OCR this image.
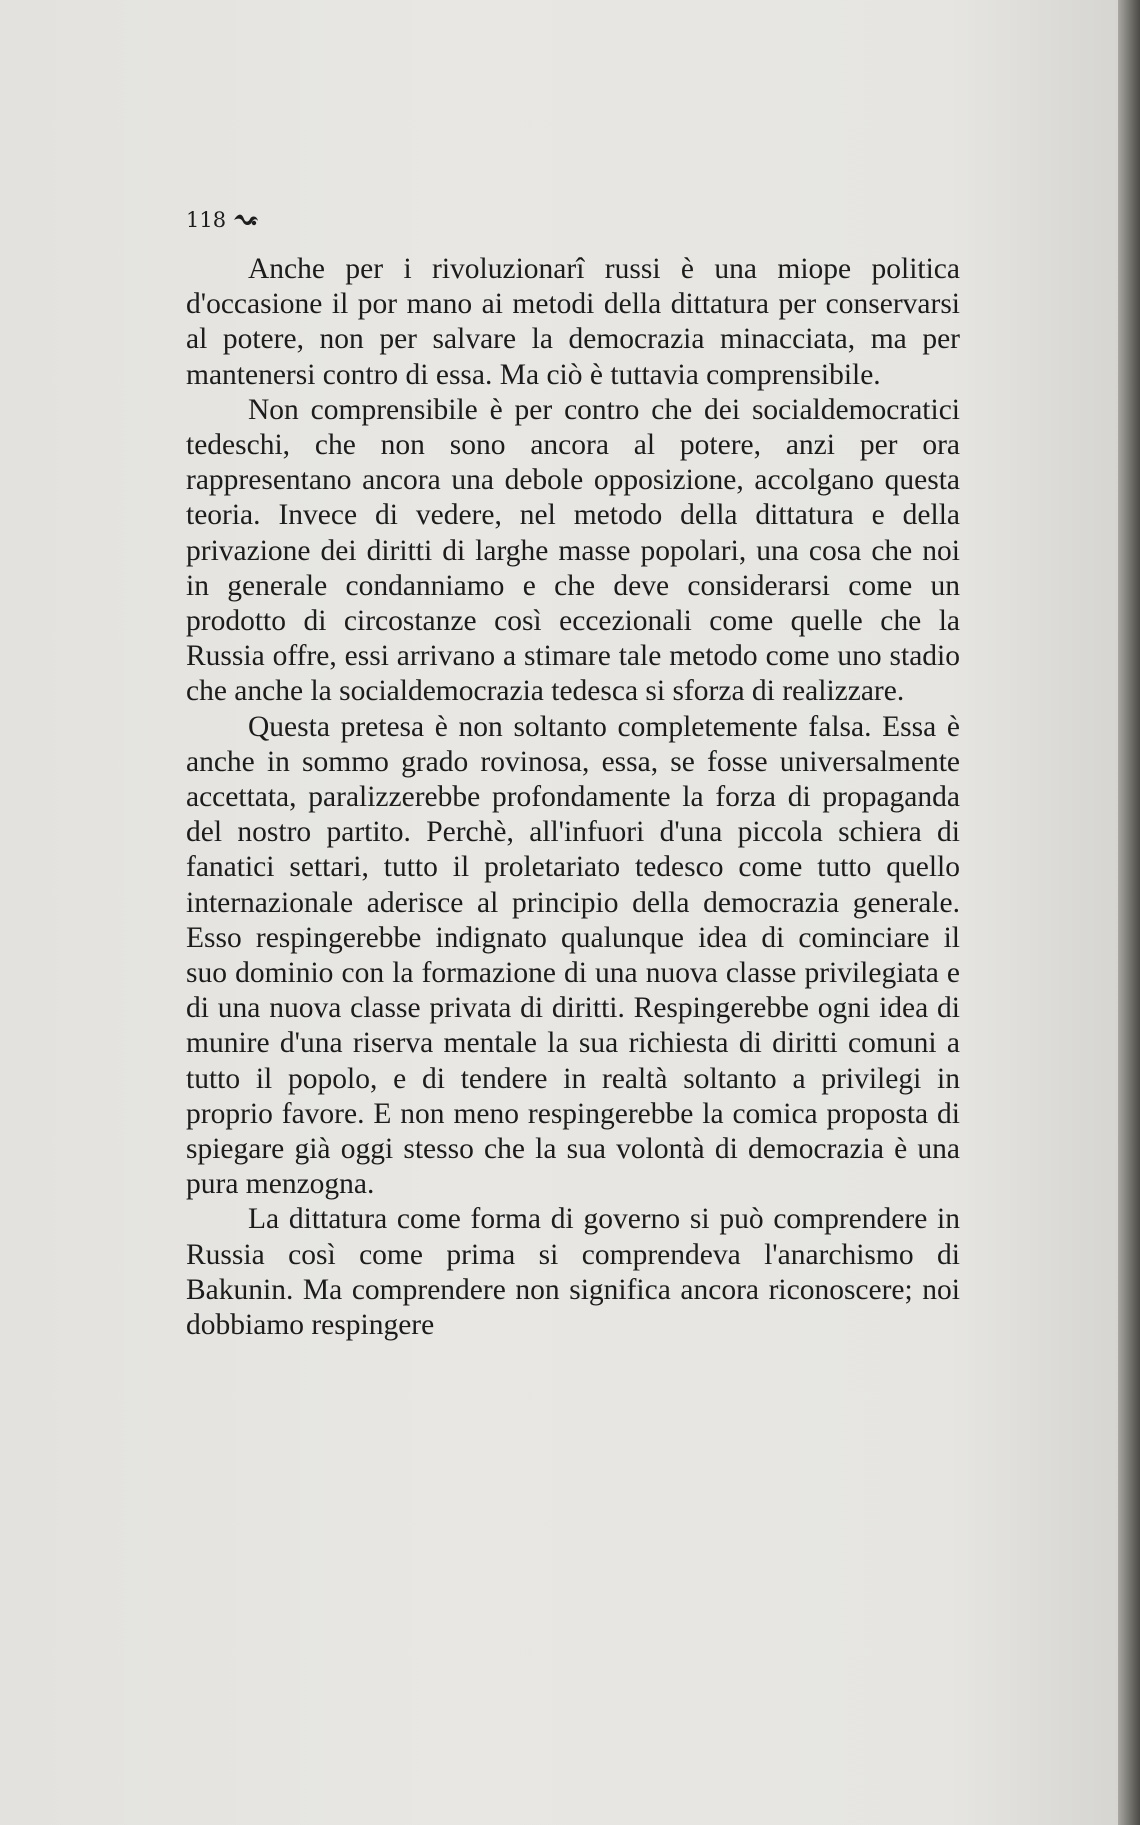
118

Anche per i rivoluzionarî russi è una miope politica d'occasione il por mano ai metodi della dittatura per conservarsi al potere, non per salvare la democrazia minacciata, ma per mantenersi contro di essa. Ma ciò è tuttavia comprensibile.

Non comprensibile è per contro che dei socialdemocratici tedeschi, che non sono ancora al potere, anzi per ora rappresentano ancora una debole opposizione, accolgano questa teoria. Invece di vedere, nel metodo della dittatura e della privazione dei diritti di larghe masse popolari, una cosa che noi in generale condanniamo e che deve considerarsi come un prodotto di circostanze così eccezionali come quelle che la Russia offre, essi arrivano a stimare tale metodo come uno stadio che anche la socialdemocrazia tedesca si sforza di realizzare.

Questa pretesa è non soltanto completemente falsa. Essa è anche in sommo grado rovinosa, essa, se fosse universalmente accettata, paralizzerebbe profondamente la forza di propaganda del nostro partito. Perchè, all'infuori d'una piccola schiera di fanatici settari, tutto il proletariato tedesco come tutto quello internazionale aderisce al principio della democrazia generale. Esso respingerebbe indignato qualunque idea di cominciare il suo dominio con la formazione di una nuova classe privilegiata e di una nuova classe privata di diritti. Respingerebbe ogni idea di munire d'una riserva mentale la sua richiesta di diritti comuni a tutto il popolo, e di tendere in realtà soltanto a privilegi in proprio favore. E non meno respingerebbe la comica proposta di spiegare già oggi stesso che la sua volontà di democrazia è una pura menzogna.

La dittatura come forma di governo si può comprendere in Russia così come prima si comprendeva l'anarchismo di Bakunin. Ma comprendere non significa ancora riconoscere; noi dobbiamo respingere
